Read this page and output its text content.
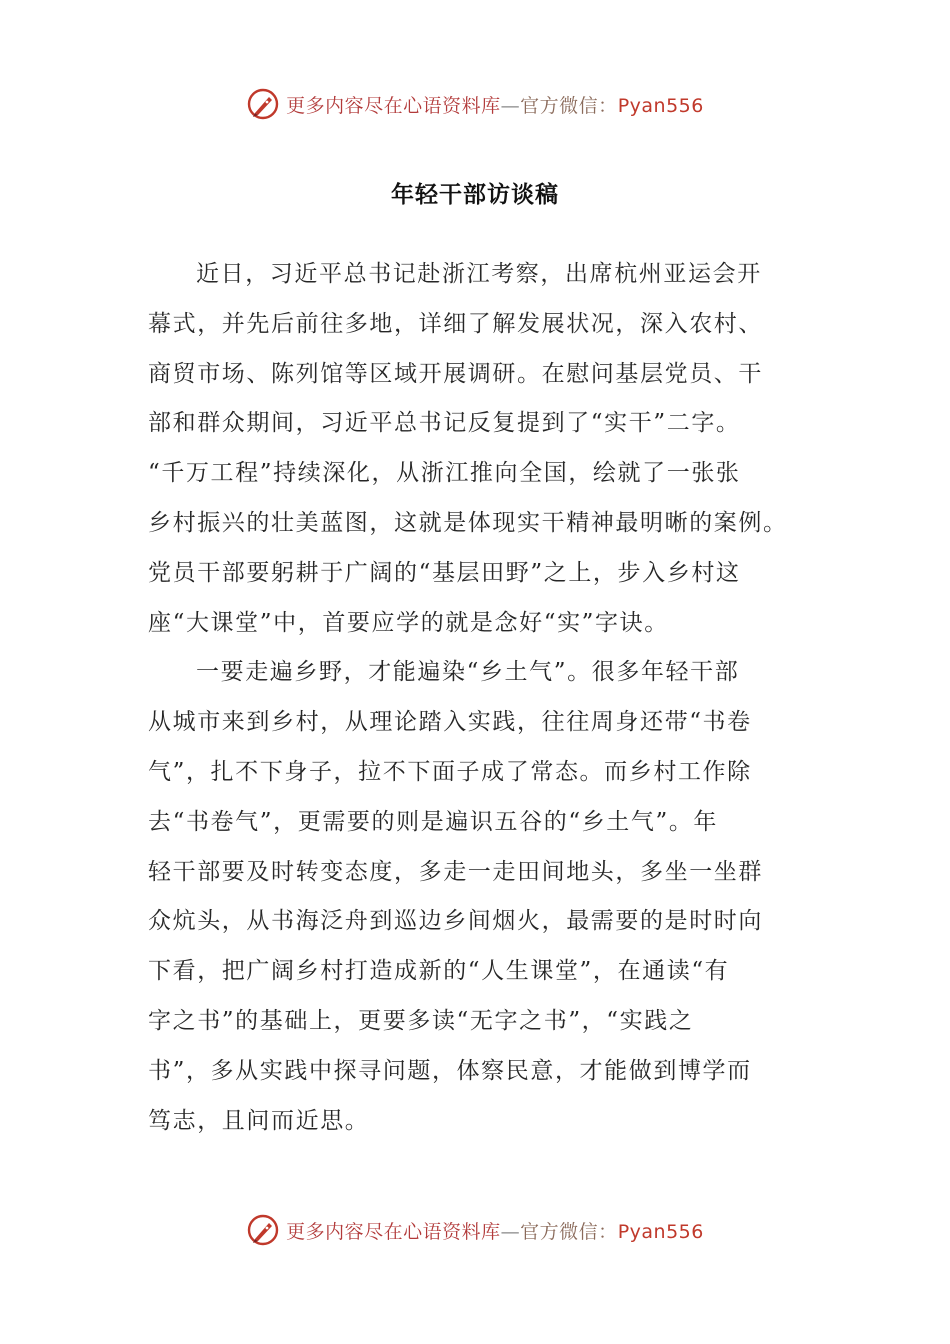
更多内容尽在心语资料库—官方微信：Pyan556
年轻干部访谈稿
近日，习近平总书记赴浙江考察，出席杭州亚运会开
幕式，并先后前往多地，详细了解发展状况，深入农村、
商贸市场、陈列馆等区域开展调研。在慰问基层党员、干
部和群众期间，习近平总书记反复提到了“实干”二字。
“千万工程”持续深化，从浙江推向全国，绘就了一张张
乡村振兴的壮美蓝图，这就是体现实干精神最明晰的案例。
党员干部要躬耕于广阔的“基层田野”之上，步入乡村这
座“大课堂”中，首要应学的就是念好“实”字诀。
一要走遍乡野，才能遍染“乡土气”。很多年轻干部
从城市来到乡村，从理论踏入实践，往往周身还带“书卷
气”，扎不下身子，拉不下面子成了常态。而乡村工作除
去“书卷气”，更需要的则是遍识五谷的“乡土气”。年
轻干部要及时转变态度，多走一走田间地头，多坐一坐群
众炕头，从书海泛舟到巡边乡间烟火，最需要的是时时向
下看，把广阔乡村打造成新的“人生课堂”，在通读“有
字之书”的基础上，更要多读“无字之书”，“实践之
书”，多从实践中探寻问题，体察民意，才能做到博学而
笃志，且问而近思。
更多内容尽在心语资料库—官方微信：Pyan556
